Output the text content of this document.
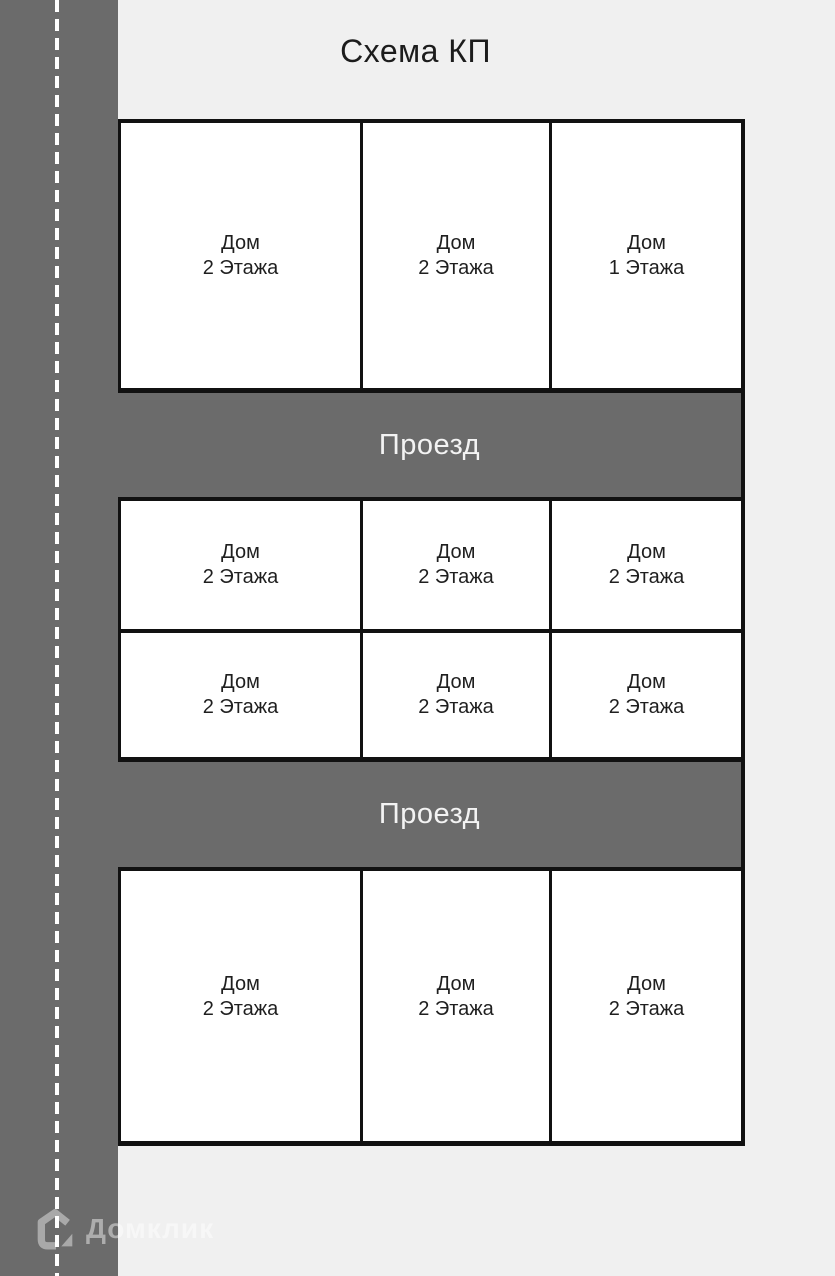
Домклик
Схема КП
Дом
2 Этажа
Дом
2 Этажа
Дом
1 Этажа
Проезд
Дом
2 Этажа
Дом
2 Этажа
Дом
2 Этажа
Дом
2 Этажа
Дом
2 Этажа
Дом
2 Этажа
Проезд
Дом
2 Этажа
Дом
2 Этажа
Дом
2 Этажа
